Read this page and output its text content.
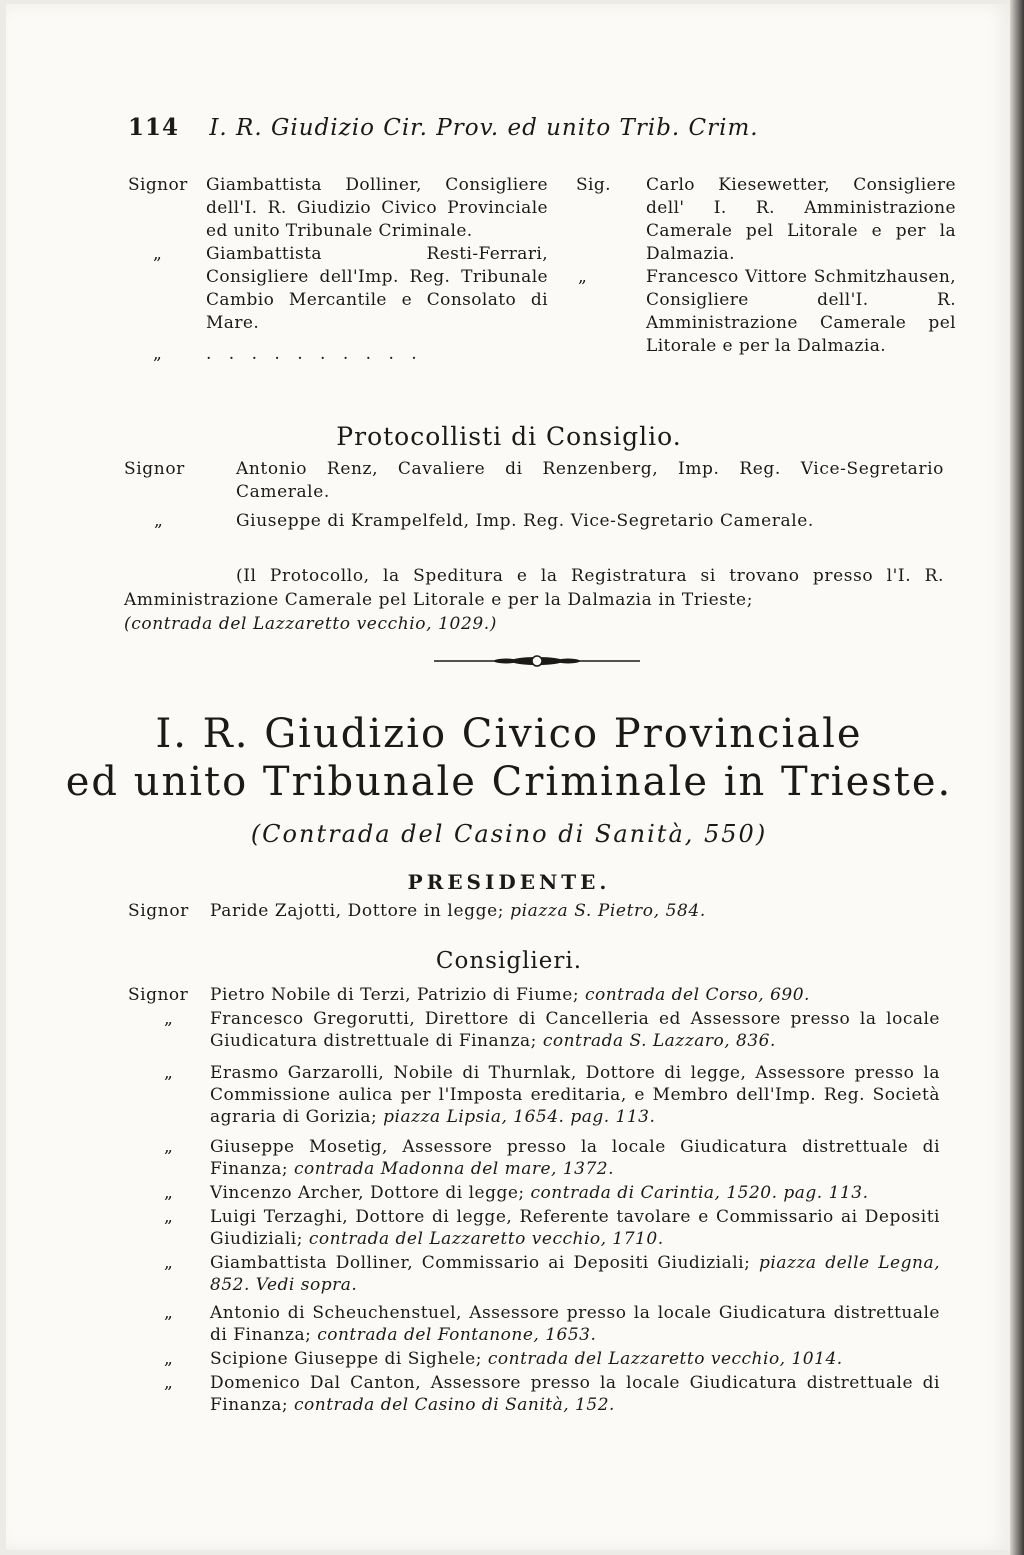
114 I. R. Giudizio Cir. Prov. ed unito Trib. Crim.
Signor Giambattista Dolliner, Consigliere dell'I. R. Giudizio Civico Provinciale ed unito Tribunale Criminale.
„	Giambattista Resti-Ferrari, Consigliere dell'Imp. Reg. Tribunale Cambio Mercantile e Consolato di Mare.
„	. . . . . . . . . .
Sig. Carlo Kiesewetter, Consigliere dell' I. R. Amministrazione Camerale pel Litorale e per la Dalmazia.
„	Francesco Vittore Schmitzhausen, Consigliere dell'I. R. Amministrazione Camerale pel Litorale e per la Dalmazia.
Protocollisti di Consiglio.
Signor	Antonio Renz, Cavaliere di Renzenberg, Imp. Reg. Vice-Segretario Camerale.
„	Giuseppe di Krampelfeld, Imp. Reg. Vice-Segretario Camerale.
(Il Protocollo, la Speditura e la Registratura si trovano presso l'I. R. Amministrazione Camerale pel Litorale e per la Dalmazia in Trieste;
(contrada del Lazzaretto vecchio, 1029.)
I. R. Giudizio Civico Provinciale
ed unito Tribunale Criminale in Trieste.
(Contrada del Casino di Sanità, 550)
PRESIDENTE.
Signor Paride Zajotti, Dottore in legge; piazza S. Pietro, 584.
Consiglieri.
Signor Pietro Nobile di Terzi, Patrizio di Fiume; contrada del Corso, 690.
„ Francesco Gregorutti, Direttore di Cancelleria ed Assessore presso la locale Giudicatura distrettuale di Finanza; contrada S. Lazzaro, 836.
„ Erasmo Garzarolli, Nobile di Thurnlak, Dottore di legge, Assessore presso la Commissione aulica per l'Imposta ereditaria, e Membro dell'Imp. Reg. Società agraria di Gorizia; piazza Lipsia, 1654. pag. 113.
„ Giuseppe Mosetig, Assessore presso la locale Giudicatura distrettuale di Finanza; contrada Madonna del mare, 1372.
„ Vincenzo Archer, Dottore di legge; contrada di Carintia, 1520. pag. 113.
„ Luigi Terzaghi, Dottore di legge, Referente tavolare e Commissario ai Depositi Giudiziali; contrada del Lazzaretto vecchio, 1710.
„ Giambattista Dolliner, Commissario ai Depositi Giudiziali; piazza delle Legna, 852. Vedi sopra.
„ Antonio di Scheuchenstuel, Assessore presso la locale Giudicatura distrettuale di Finanza; contrada del Fontanone, 1653.
„ Scipione Giuseppe di Sighele; contrada del Lazzaretto vecchio, 1014.
„ Domenico Dal Canton, Assessore presso la locale Giudicatura distrettuale di Finanza; contrada del Casino di Sanità, 152.
